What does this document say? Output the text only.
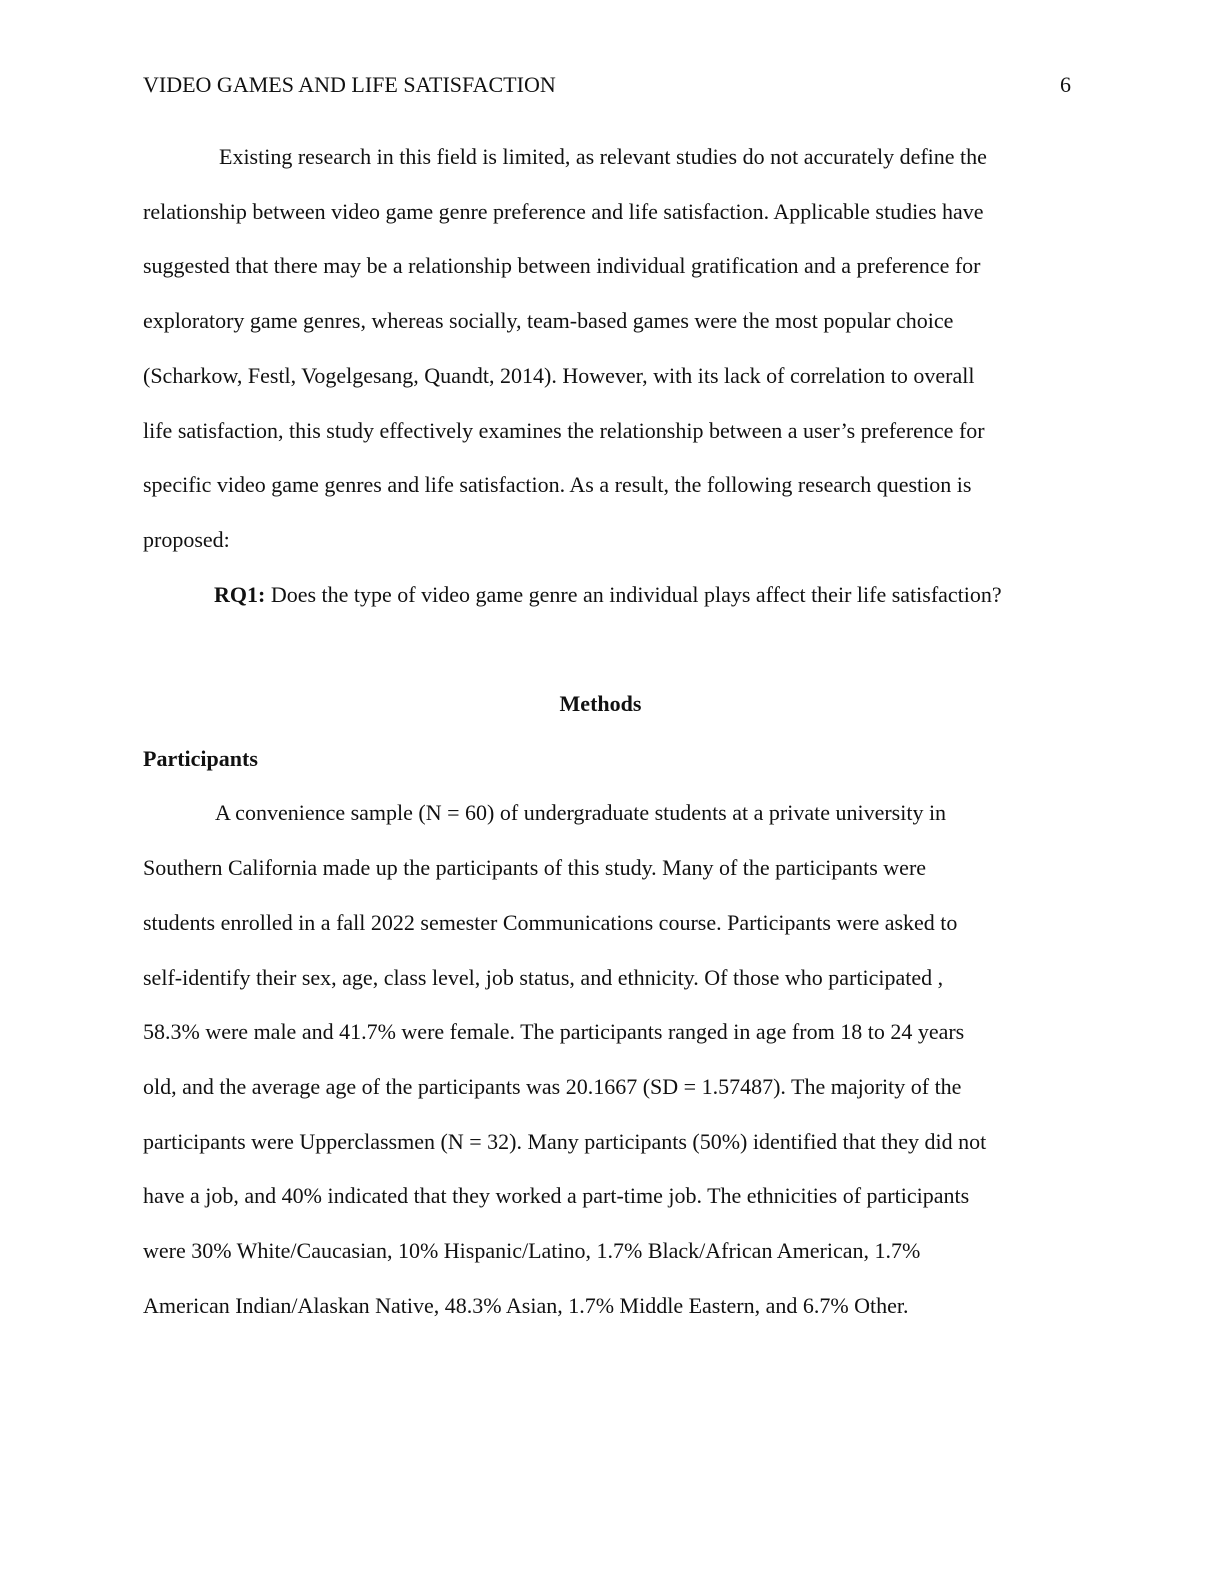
VIDEO GAMES AND LIFE SATISFACTION	6

Existing research in this field is limited, as relevant studies do not accurately define the
relationship between video game genre preference and life satisfaction. Applicable studies have
suggested that there may be a relationship between individual gratification and a preference for
exploratory game genres, whereas socially, team-based games were the most popular choice
(Scharkow, Festl, Vogelgesang, Quandt, 2014). However, with its lack of correlation to overall
life satisfaction, this study effectively examines the relationship between a user’s preference for
specific video game genres and life satisfaction. As a result, the following research question is
proposed:

RQ1: Does the type of video game genre an individual plays affect their life satisfaction?

Methods

Participants

A convenience sample (N = 60) of undergraduate students at a private university in
Southern California made up the participants of this study. Many of the participants were
students enrolled in a fall 2022 semester Communications course. Participants were asked to
self-identify their sex, age, class level, job status, and ethnicity. Of those who participated ,
58.3% were male and 41.7% were female. The participants ranged in age from 18 to 24 years
old, and the average age of the participants was 20.1667 (SD = 1.57487). The majority of the
participants were Upperclassmen (N = 32). Many participants (50%) identified that they did not
have a job, and 40% indicated that they worked a part-time job. The ethnicities of participants
were 30% White/Caucasian, 10% Hispanic/Latino, 1.7% Black/African American, 1.7%
American Indian/Alaskan Native, 48.3% Asian, 1.7% Middle Eastern, and 6.7% Other.
